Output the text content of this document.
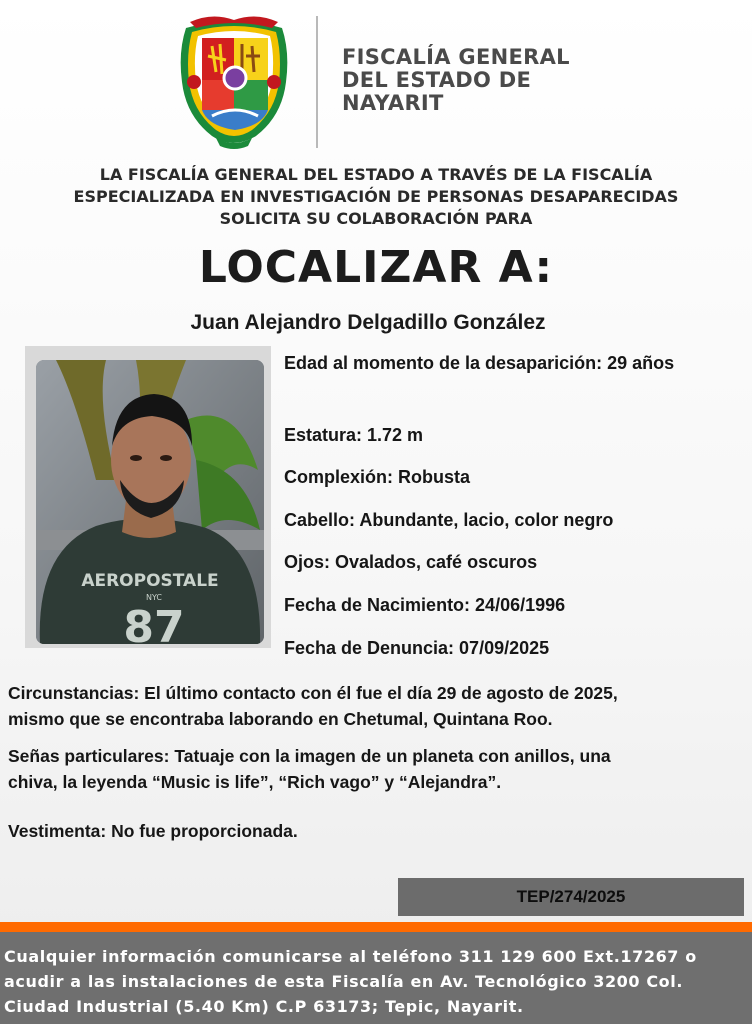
FISCALÍA GENERAL
DEL ESTADO DE
NAYARIT
LA FISCALÍA GENERAL DEL ESTADO A TRAVÉS DE LA FISCALÍA
ESPECIALIZADA EN INVESTIGACIÓN DE PERSONAS DESAPARECIDAS
SOLICITA SU COLABORACIÓN PARA
LOCALIZAR A:
Juan Alejandro Delgadillo González
AEROPOSTALE
NYC
87
Edad al momento de la desaparición: 29 años
Estatura: 1.72 m
Complexión: Robusta
Cabello: Abundante, lacio, color negro
Ojos: Ovalados, café oscuros
Fecha de Nacimiento: 24/06/1996
Fecha de Denuncia: 07/09/2025
Circunstancias: El último contacto con él fue el día 29 de agosto de 2025,
mismo que se encontraba laborando en Chetumal, Quintana Roo.
Señas particulares: Tatuaje con la imagen de un planeta con anillos, una
chiva, la leyenda “Music is life”, “Rich vago” y “Alejandra”.
Vestimenta: No fue proporcionada.
TEP/274/2025
Cualquier información comunicarse al teléfono 311 129 600 Ext.17267 o
acudir a las instalaciones de esta Fiscalía en Av. Tecnológico 3200 Col.
Ciudad Industrial (5.40 Km) C.P 63173; Tepic, Nayarit.
